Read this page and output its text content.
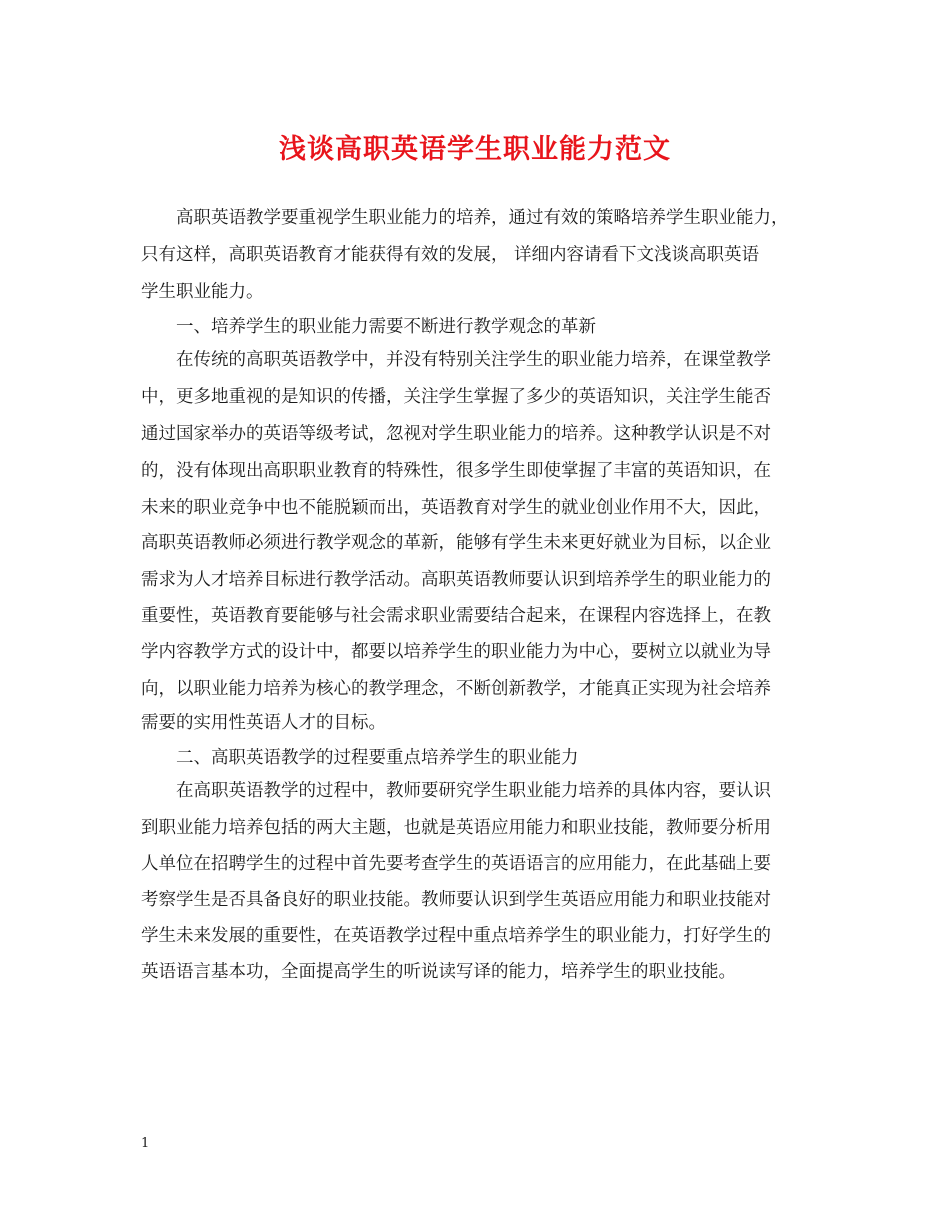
浅谈高职英语学生职业能力范文
　　高职英语教学要重视学生职业能力的培养，通过有效的策略培养学生职业能力，
只有这样，高职英语教育才能获得有效的发展， 详细内容请看下文浅谈高职英语
学生职业能力。
　　一、培养学生的职业能力需要不断进行教学观念的革新
　　在传统的高职英语教学中，并没有特别关注学生的职业能力培养，在课堂教学
中，更多地重视的是知识的传播，关注学生掌握了多少的英语知识，关注学生能否
通过国家举办的英语等级考试，忽视对学生职业能力的培养。这种教学认识是不对
的，没有体现出高职职业教育的特殊性，很多学生即使掌握了丰富的英语知识，在
未来的职业竞争中也不能脱颖而出，英语教育对学生的就业创业作用不大，因此，
高职英语教师必须进行教学观念的革新，能够有学生未来更好就业为目标，以企业
需求为人才培养目标进行教学活动。高职英语教师要认识到培养学生的职业能力的
重要性，英语教育要能够与社会需求职业需要结合起来，在课程内容选择上，在教
学内容教学方式的设计中，都要以培养学生的职业能力为中心，要树立以就业为导
向，以职业能力培养为核心的教学理念，不断创新教学，才能真正实现为社会培养
需要的实用性英语人才的目标。
　　二、高职英语教学的过程要重点培养学生的职业能力
　　在高职英语教学的过程中，教师要研究学生职业能力培养的具体内容，要认识
到职业能力培养包括的两大主题，也就是英语应用能力和职业技能，教师要分析用
人单位在招聘学生的过程中首先要考查学生的英语语言的应用能力，在此基础上要
考察学生是否具备良好的职业技能。教师要认识到学生英语应用能力和职业技能对
学生未来发展的重要性，在英语教学过程中重点培养学生的职业能力，打好学生的
英语语言基本功，全面提高学生的听说读写译的能力，培养学生的职业技能。
1
